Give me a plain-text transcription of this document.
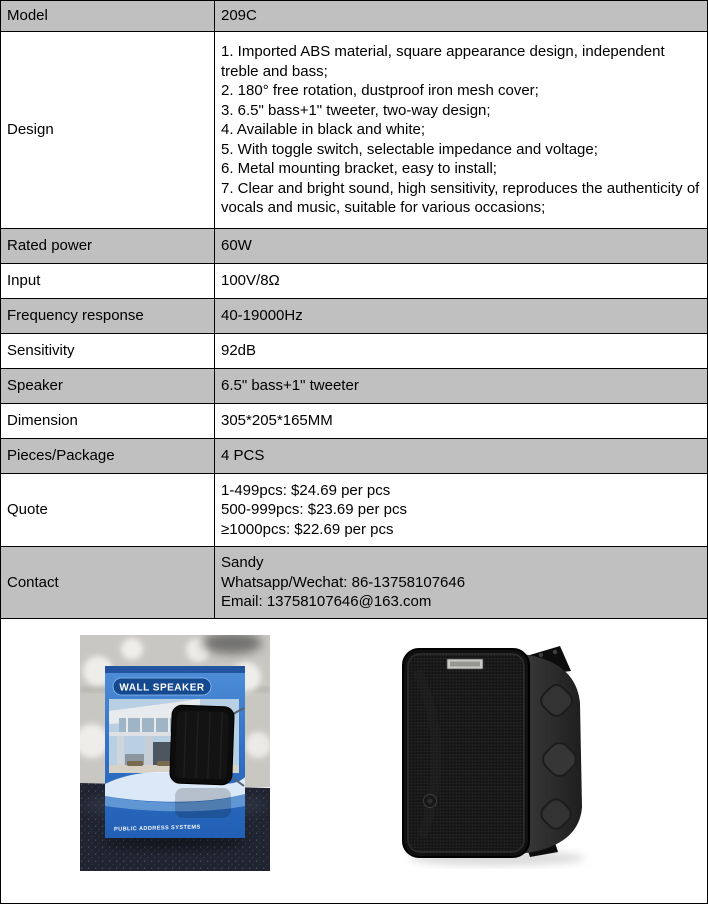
Model	209C
Design	
1. Imported ABS material, square appearance design, independent treble and bass;
2. 180° free rotation, dustproof iron mesh cover;
3. 6.5" bass+1" tweeter, two-way design;
4. Available in black and white;
5. With toggle switch, selectable impedance and voltage;
6. Metal mounting bracket, easy to install;
7. Clear and bright sound, high sensitivity, reproduces the authenticity of vocals and music, suitable for various occasions;

Rated power	60W
Input	100V/8Ω
Frequency response	40-19000Hz
Sensitivity	92dB
Speaker	6.5" bass+1" tweeter
Dimension	305*205*165MM
Pieces/Package	4 PCS
Quote	1-499pcs: $24.69 per pcs
500-999pcs: $23.69 per pcs
≥1000pcs: $22.69 per pcs

Contact	Sandy
Whatsapp/Wechat: 86-13758107646
Email: 13758107646@163.com

WALL SPEAKER
PUBLIC ADDRESS SYSTEMS	
